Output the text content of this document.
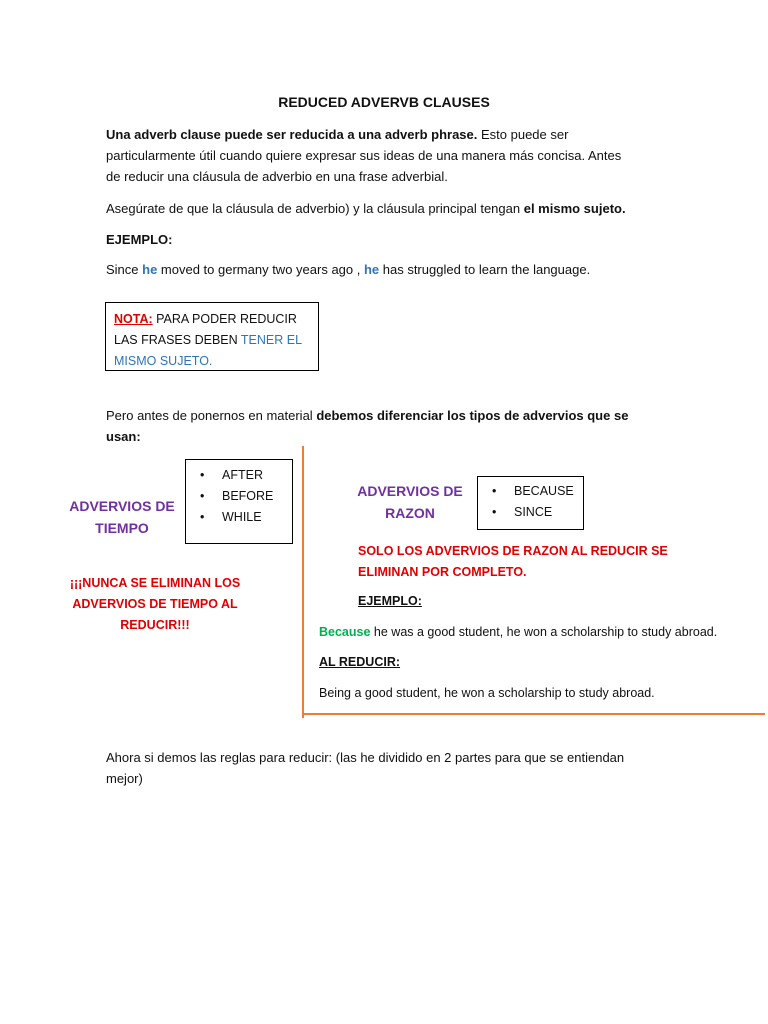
REDUCED ADVERVB CLAUSES
Una adverb clause puede ser reducida a una adverb phrase. Esto puede ser
particularmente útil cuando quiere expresar sus ideas de una manera más concisa. Antes
de reducir una cláusula de adverbio en una frase adverbial.
Asegúrate de que la cláusula de adverbio) y la cláusula principal tengan el mismo sujeto.
EJEMPLO:
Since he moved to germany two years ago , he has struggled to learn the language.
NOTA: PARA PODER REDUCIR
LAS FRASES DEBEN TENER EL
MISMO SUJETO.
Pero antes de ponernos en material debemos diferenciar los tipos de advervios que se
usan:
ADVERVIOS DE
TIEMPO
• AFTER
• BEFORE
• WHILE
¡¡¡NUNCA SE ELIMINAN LOS
ADVERVIOS DE TIEMPO AL
REDUCIR!!!
ADVERVIOS DE
RAZON
• BECAUSE
• SINCE
SOLO LOS ADVERVIOS DE RAZON AL REDUCIR SE
ELIMINAN POR COMPLETO.
EJEMPLO:
Because he was a good student, he won a scholarship to study abroad.
AL REDUCIR:
Being a good student, he won a scholarship to study abroad.
Ahora si demos las reglas para reducir: (las he dividido en 2 partes para que se entiendan
mejor)
